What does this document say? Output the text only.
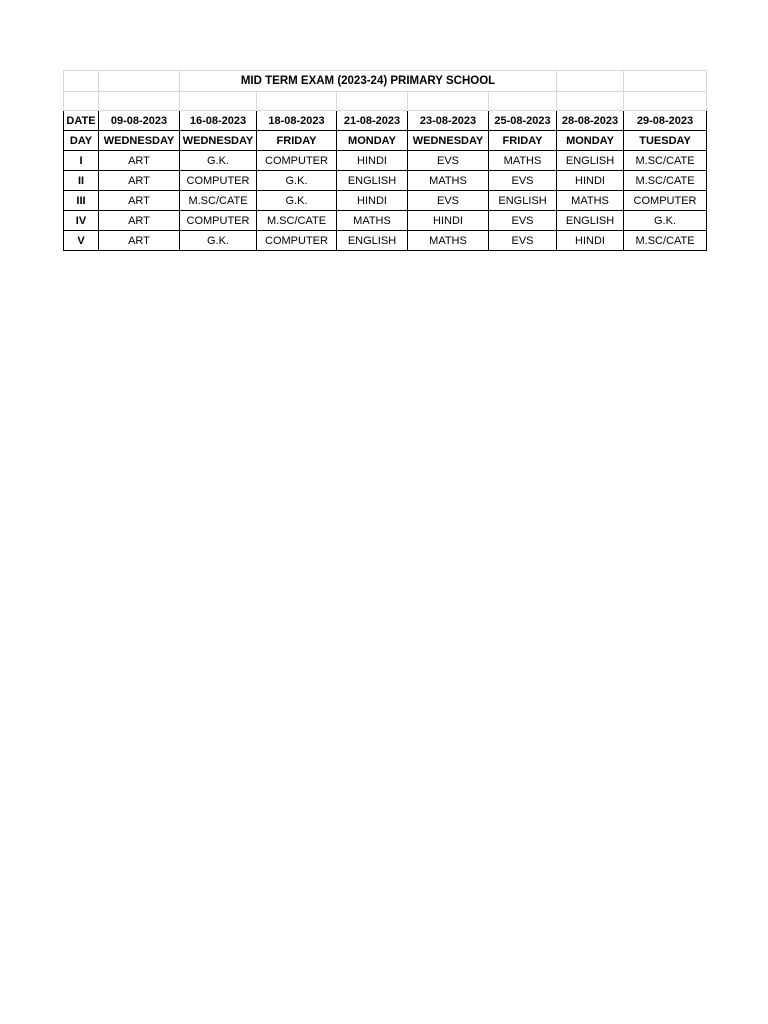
		MID TERM EXAM (2023-24) PRIMARY SCHOOL						

DATE	09-08-2023	16-08-2023	18-08-2023	21-08-2023	23-08-2023	25-08-2023	28-08-2023	29-08-2023
DAY	WEDNESDAY	WEDNESDAY	FRIDAY	MONDAY	WEDNESDAY	FRIDAY	MONDAY	TUESDAY
I	ART	G.K.	COMPUTER	HINDI	EVS	MATHS	ENGLISH	M.SC/CATE
II	ART	COMPUTER	G.K.	ENGLISH	MATHS	EVS	HINDI	M.SC/CATE
III	ART	M.SC/CATE	G.K.	HINDI	EVS	ENGLISH	MATHS	COMPUTER
IV	ART	COMPUTER	M.SC/CATE	MATHS	HINDI	EVS	ENGLISH	G.K.
V	ART	G.K.	COMPUTER	ENGLISH	MATHS	EVS	HINDI	M.SC/CATE
